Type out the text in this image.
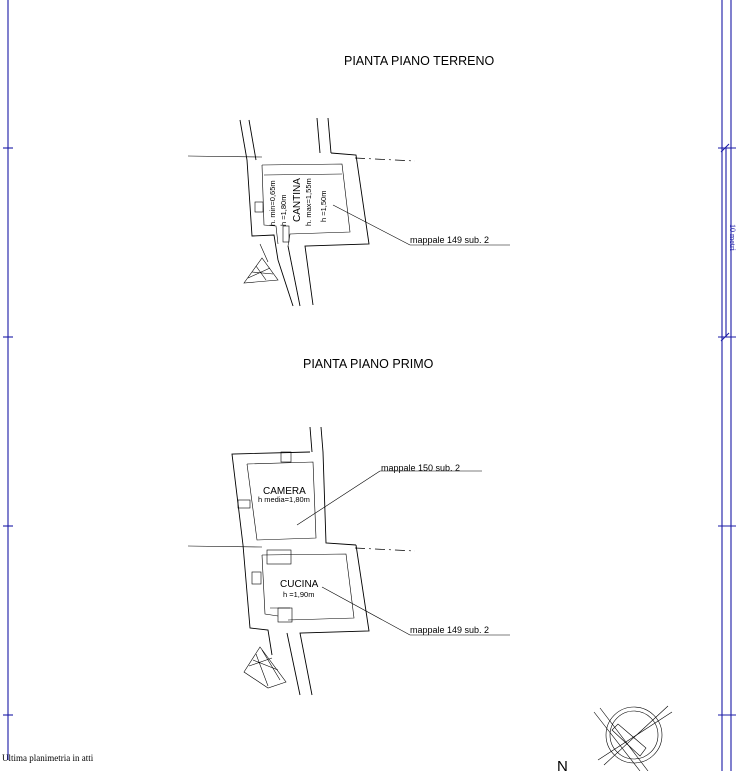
10 metri
PIANTA PIANO TERRENO
CANTINA h. max=1,55m
h. min=0,65m h =1,80m	h =1,50m
mappale 149 sub. 2
PIANTA PIANO PRIMO
CAMERA
h media=1,80m
CUCINA
h =1,90m
mappale 150 sub. 2
mappale 149 sub. 2
Ultima planimetria in atti	N
